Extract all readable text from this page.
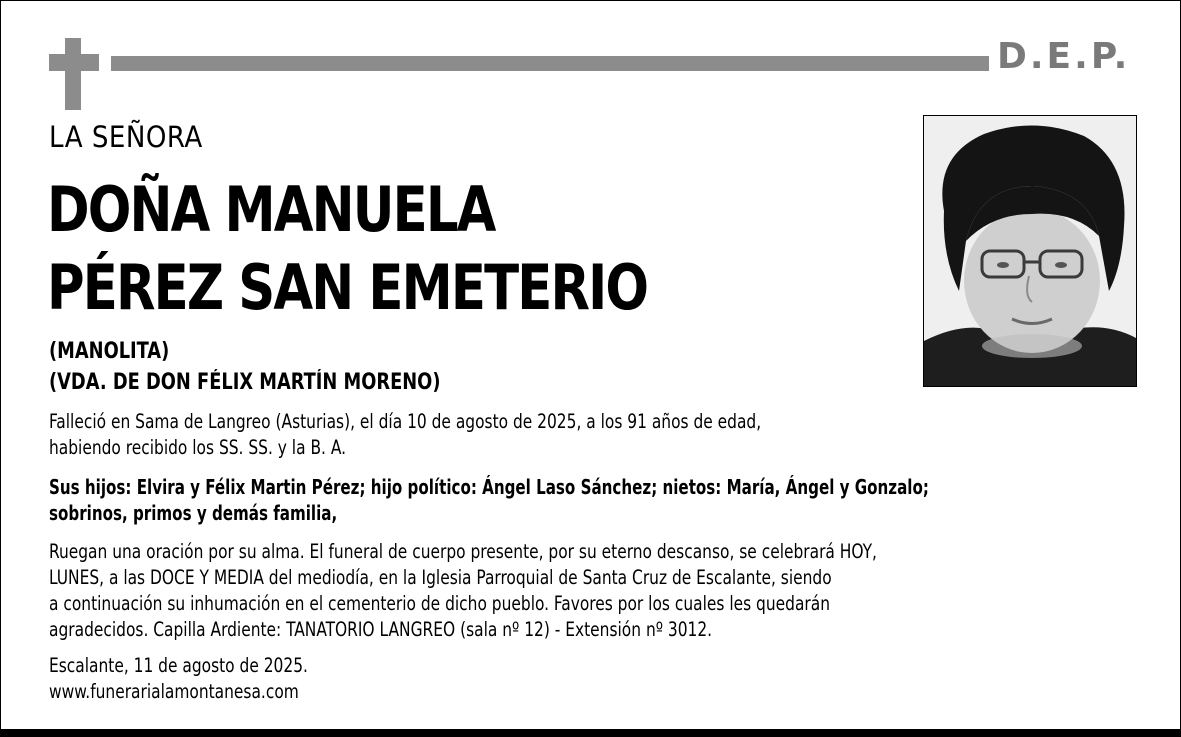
D.E.P.
LA SEÑORA
DOÑA MANUELA
PÉREZ SAN EMETERIO
(MANOLITA)
(VDA. DE DON FÉLIX MARTÍN MORENO)
Falleció en Sama de Langreo (Asturias), el día 10 de agosto de 2025, a los 91 años de edad,
habiendo recibido los SS. SS. y la B. A.
Sus hijos: Elvira y Félix Martin Pérez; hijo político: Ángel Laso Sánchez; nietos: María, Ángel y Gonzalo;
sobrinos, primos y demás familia,
Ruegan una oración por su alma. El funeral de cuerpo presente, por su eterno descanso, se celebrará HOY,
LUNES, a las DOCE Y MEDIA del mediodía, en la Iglesia Parroquial de Santa Cruz de Escalante, siendo
a continuación su inhumación en el cementerio de dicho pueblo. Favores por los cuales les quedarán
agradecidos. Capilla Ardiente: TANATORIO LANGREO (sala nº 12) - Extensión nº 3012.
Escalante, 11 de agosto de 2025.
www.funerarialamontanesa.com
